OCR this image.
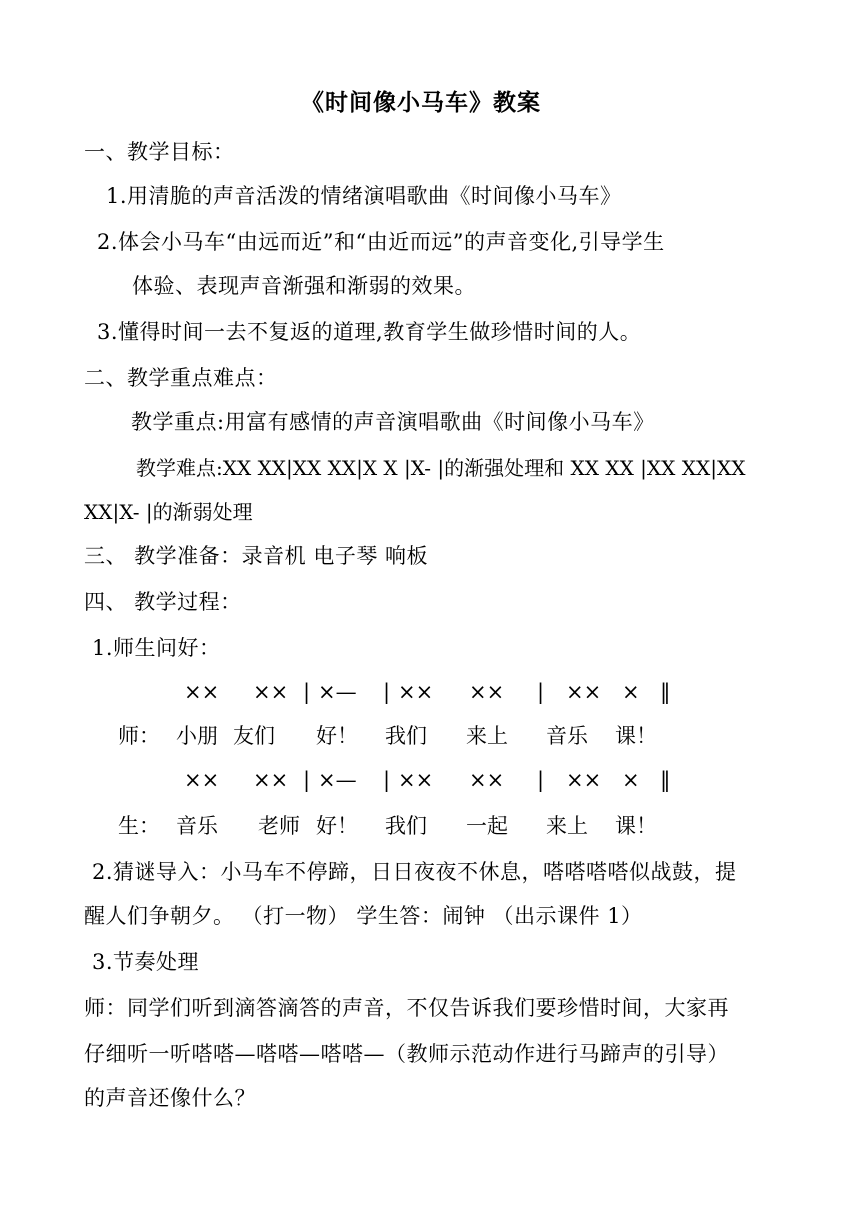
《时间像小马车》教案
一、教学目标：
1.用清脆的声音活泼的情绪演唱歌曲《时间像小马车》
2.体会小马车“由远而近”和“由近而远”的声音变化,引导学生
体验、表现声音渐强和渐弱的效果。
3.懂得时间一去不复返的道理,教育学生做珍惜时间的人。
二、教学重点难点：
教学重点:用富有感情的声音演唱歌曲《时间像小马车》
教学难点:XX XX|XX XX|X X |X- |的渐强处理和 XX XX |XX XX|XX
XX|X- |的渐弱处理
三、 教学准备：录音机 电子琴 响板
四、 教学过程：
1.师生问好：
×× ×× | ×— | ×× ×× | ×× × ‖
师： 小朋 友们 好！ 我们 来上 音乐 课！
×× ×× | ×— | ×× ×× | ×× × ‖
生： 音乐 老师 好！ 我们 一起 来上 课！
2.猜谜导入：小马车不停蹄，日日夜夜不休息，嗒嗒嗒嗒似战鼓，提
醒人们争朝夕。 （打一物） 学生答：闹钟 （出示课件 1）
3.节奏处理
师：同学们听到滴答滴答的声音，不仅告诉我们要珍惜时间，大家再
仔细听一听嗒嗒—嗒嗒—嗒嗒—（教师示范动作进行马蹄声的引导）
的声音还像什么？
